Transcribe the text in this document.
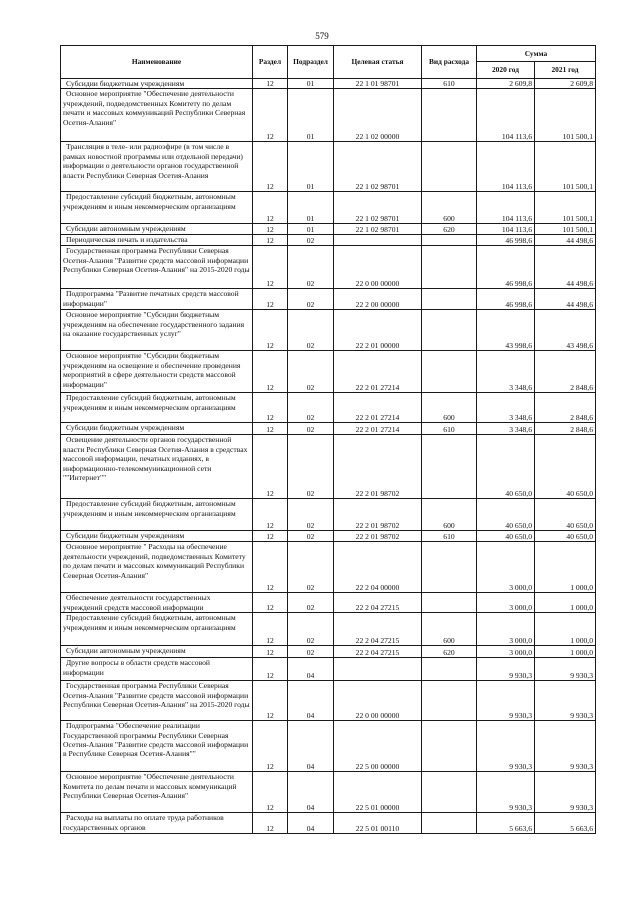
579
Наименование	Раздел	Подраздел	Целевая статья	Вид расхода	Сумма	
					2020 год	2021 год
Субсидии бюджетным учреждениям	12	01	22 1 01 98701	610	2 609,8	2 609,8
Основное мероприятие "Обеспечение деятельности учреждений, подведомственных Комитету по делам печати и массовых коммуникаций Республики Северная Осетия-Алания"	12	01	22 1 02 00000		104 113,6	101 500,1
Трансляция в теле- или радиоэфире (в том числе в рамках новостной программы или отдельной передачи) информации о деятельности органов государственной власти Республики Северная Осетия-Алания	12	01	22 1 02 98701		104 113,6	101 500,1
Предоставление субсидий бюджетным, автономным учреждениям и иным некоммерческим организациям	12	01	22 1 02 98701	600	104 113,6	101 500,1
Субсидии автономным учреждениям	12	01	22 1 02 98701	620	104 113,6	101 500,1
Периодическая печать и издательства	12	02			46 998,6	44 498,6
Государственная программа Республики Северная Осетия-Алания "Развитие средств массовой информации Республики Северная Осетия-Алания" на 2015-2020 годы	12	02	22 0 00 00000		46 998,6	44 498,6
Подпрограмма "Развитие печатных средств массовой информации"	12	02	22 2 00 00000		46 998,6	44 498,6
Основное мероприятие "Субсидии бюджетным учреждениям на обеспечение государственного задания на оказание государственных услуг"	12	02	22 2 01 00000		43 998,6	43 498,6
Основное мероприятие "Субсидии бюджетным учреждениям на освещение и обеспечение проведения мероприятий в сфере деятельности средств массовой информации"	12	02	22 2 01 27214		3 348,6	2 848,6
Предоставление субсидий бюджетным, автономным учреждениям и иным некоммерческим организациям	12	02	22 2 01 27214	600	3 348,6	2 848,6
Субсидии бюджетным учреждениям	12	02	22 2 01 27214	610	3 348,6	2 848,6
Освещение деятельности органов государственной власти Республики Северная Осетия-Алания в средствах массовой информации, печатных изданиях, в информационно-телекоммуникационной сети ""Интернет""	12	02	22 2 01 98702		40 650,0	40 650,0
Предоставление субсидий бюджетным, автономным учреждениям и иным некоммерческим организациям	12	02	22 2 01 98702	600	40 650,0	40 650,0
Субсидии бюджетным учреждениям	12	02	22 2 01 98702	610	40 650,0	40 650,0
Основное мероприятие " Расходы на обеспечение деятельности учреждений, подведомственных Комитету по делам печати и массовых коммуникаций Республики Северная Осетия-Алания"	12	02	22 2 04 00000		3 000,0	1 000,0
Обеспечение деятельности государственных учреждений средств массовой информации	12	02	22 2 04 27215		3 000,0	1 000,0
Предоставление субсидий бюджетным, автономным учреждениям и иным некоммерческим организациям	12	02	22 2 04 27215	600	3 000,0	1 000,0
Субсидии автономным учреждениям	12	02	22 2 04 27215	620	3 000,0	1 000,0
Другие вопросы в области средств массовой информации	12	04			9 930,3	9 930,3
Государственная программа Республики Северная Осетия-Алания "Развитие средств массовой информации Республики Северная Осетия-Алания" на 2015-2020 годы	12	04	22 0 00 00000		9 930,3	9 930,3
Подпрограмма "Обеспечение реализации Государственной программы Республики Северная Осетия-Алания "Развитие средств массовой информации в Республике Северная Осетия-Алания""	12	04	22 5 00 00000		9 930,3	9 930,3
Основное мероприятие "Обеспечение деятельности Комитета по делам печати и массовых коммуникаций Республики Северная Осетия-Алания"	12	04	22 5 01 00000		9 930,3	9 930,3
Расходы на выплаты по оплате труда работников государственных органов	12	04	22 5 01 00110		5 663,6	5 663,6
